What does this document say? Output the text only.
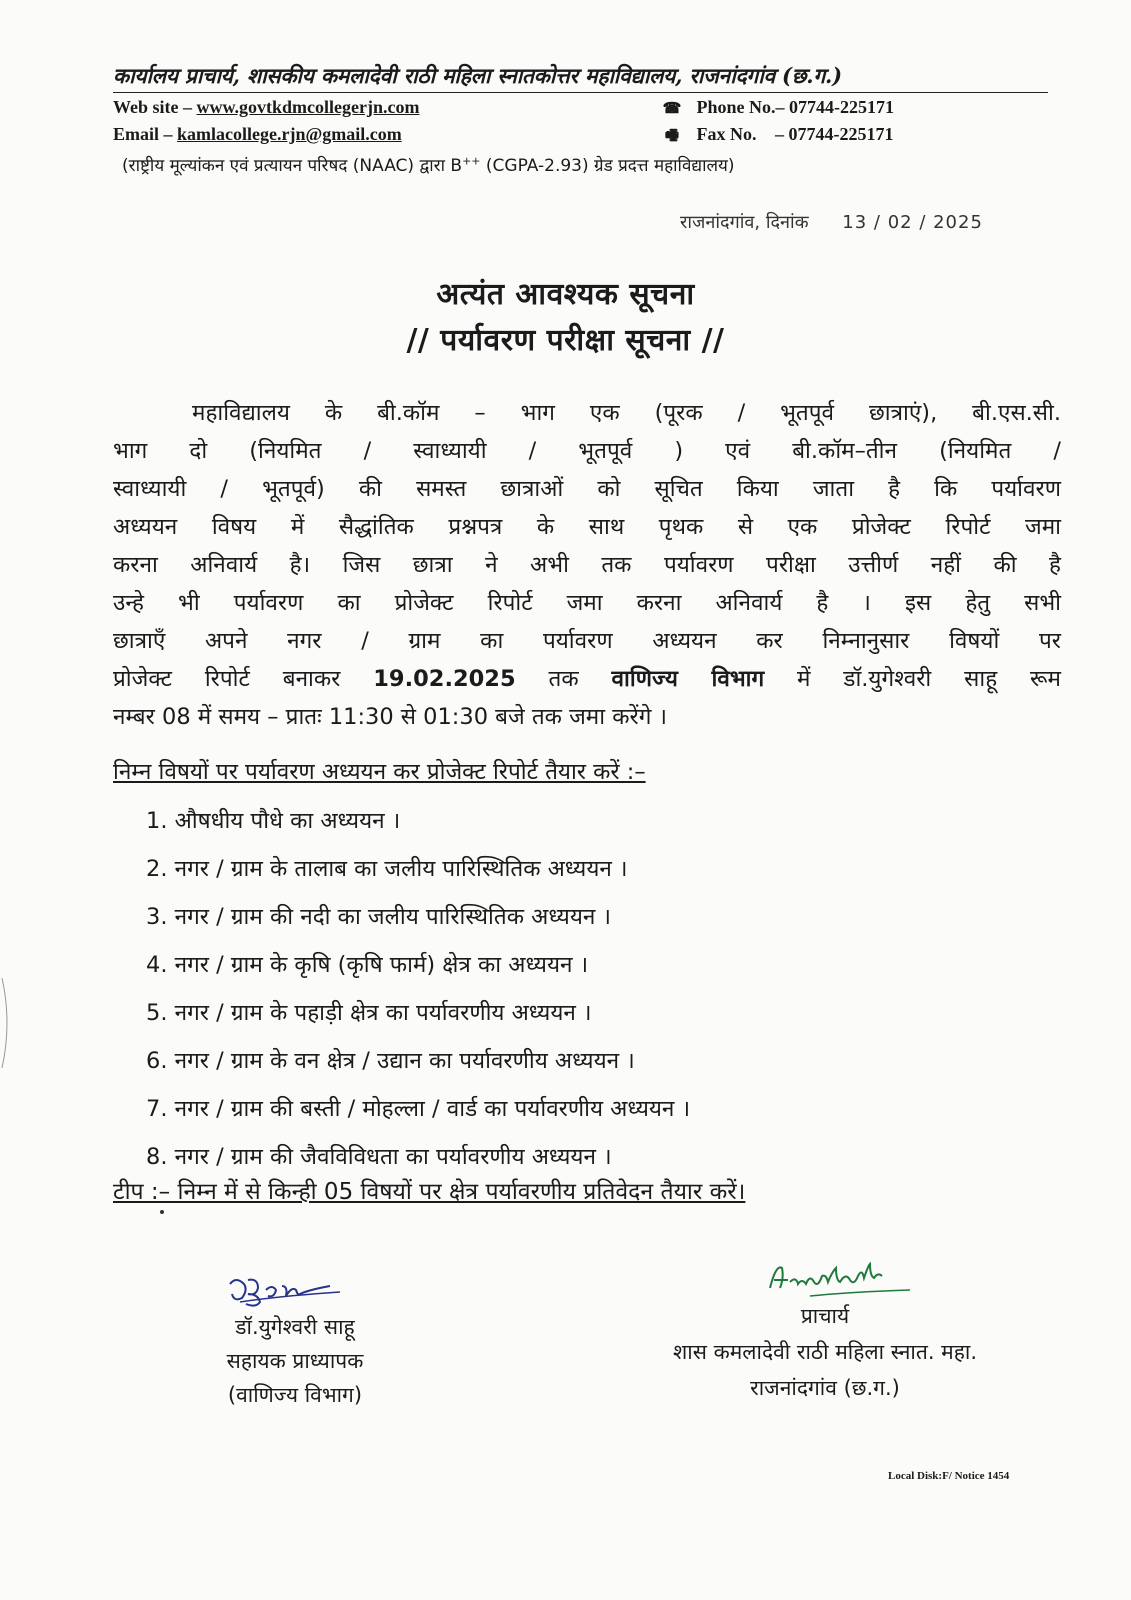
कार्यालय प्राचार्य, शासकीय कमलादेवी राठी महिला स्नातकोत्तर महाविद्यालय, राजनांदगांव (छ.ग.)
Web site – www.govtkdmcollegerjn.com
Email – kamlacollege.rjn@gmail.com
☎ Phone No.– 07744-225171
🖷 Fax No. – 07744-225171
(राष्ट्रीय मूल्यांकन एवं प्रत्यायन परिषद (NAAC) द्वारा B++ (CGPA-2.93) ग्रेड प्रदत्त महाविद्यालय)
राजनांदगांव, दिनांक 13 / 02 / 2025
अत्यंत आवश्यक सूचना
// पर्यावरण परीक्षा सूचना //
महाविद्यालय के बी.कॉम – भाग एक (पूरक / भूतपूर्व छात्राएं), बी.एस.सी.
भाग दो (नियमित / स्वाध्यायी / भूतपूर्व ) एवं बी.कॉम–तीन (नियमित /
स्वाध्यायी / भूतपूर्व) की समस्त छात्राओं को सूचित किया जाता है कि पर्यावरण
अध्ययन विषय में सैद्धांतिक प्रश्नपत्र के साथ पृथक से एक प्रोजेक्ट रिपोर्ट जमा
करना अनिवार्य है। जिस छात्रा ने अभी तक पर्यावरण परीक्षा उत्तीर्ण नहीं की है
उन्हे भी पर्यावरण का प्रोजेक्ट रिपोर्ट जमा करना अनिवार्य है । इस हेतु सभी
छात्राएँ अपने नगर / ग्राम का पर्यावरण अध्ययन कर निम्नानुसार विषयों पर
प्रोजेक्ट रिपोर्ट बनाकर 19.02.2025 तक वाणिज्य विभाग में डॉ.युगेश्वरी साहू रूम
नम्बर 08 में समय – प्रातः 11:30 से 01:30 बजे तक जमा करेंगे ।
निम्न विषयों पर पर्यावरण अध्ययन कर प्रोजेक्ट रिपोर्ट तैयार करें :–
1. औषधीय पौधे का अध्ययन ।
2. नगर / ग्राम के तालाब का जलीय पारिस्थितिक अध्ययन ।
3. नगर / ग्राम की नदी का जलीय पारिस्थितिक अध्ययन ।
4. नगर / ग्राम के कृषि (कृषि फार्म) क्षेत्र का अध्ययन ।
5. नगर / ग्राम के पहाड़ी क्षेत्र का पर्यावरणीय अध्ययन ।
6. नगर / ग्राम के वन क्षेत्र / उद्यान का पर्यावरणीय अध्ययन ।
7. नगर / ग्राम की बस्ती / मोहल्ला / वार्ड का पर्यावरणीय अध्ययन ।
8. नगर / ग्राम की जैवविविधता का पर्यावरणीय अध्ययन ।
टीप :– निम्न में से किन्ही 05 विषयों पर क्षेत्र पर्यावरणीय प्रतिवेदन तैयार करें।
डॉ.युगेश्वरी साहू
सहायक प्राध्यापक
(वाणिज्य विभाग)
प्राचार्य
शास कमलादेवी राठी महिला स्नात. महा.
राजनांदगांव (छ.ग.)
Local Disk:F/ Notice 1454
